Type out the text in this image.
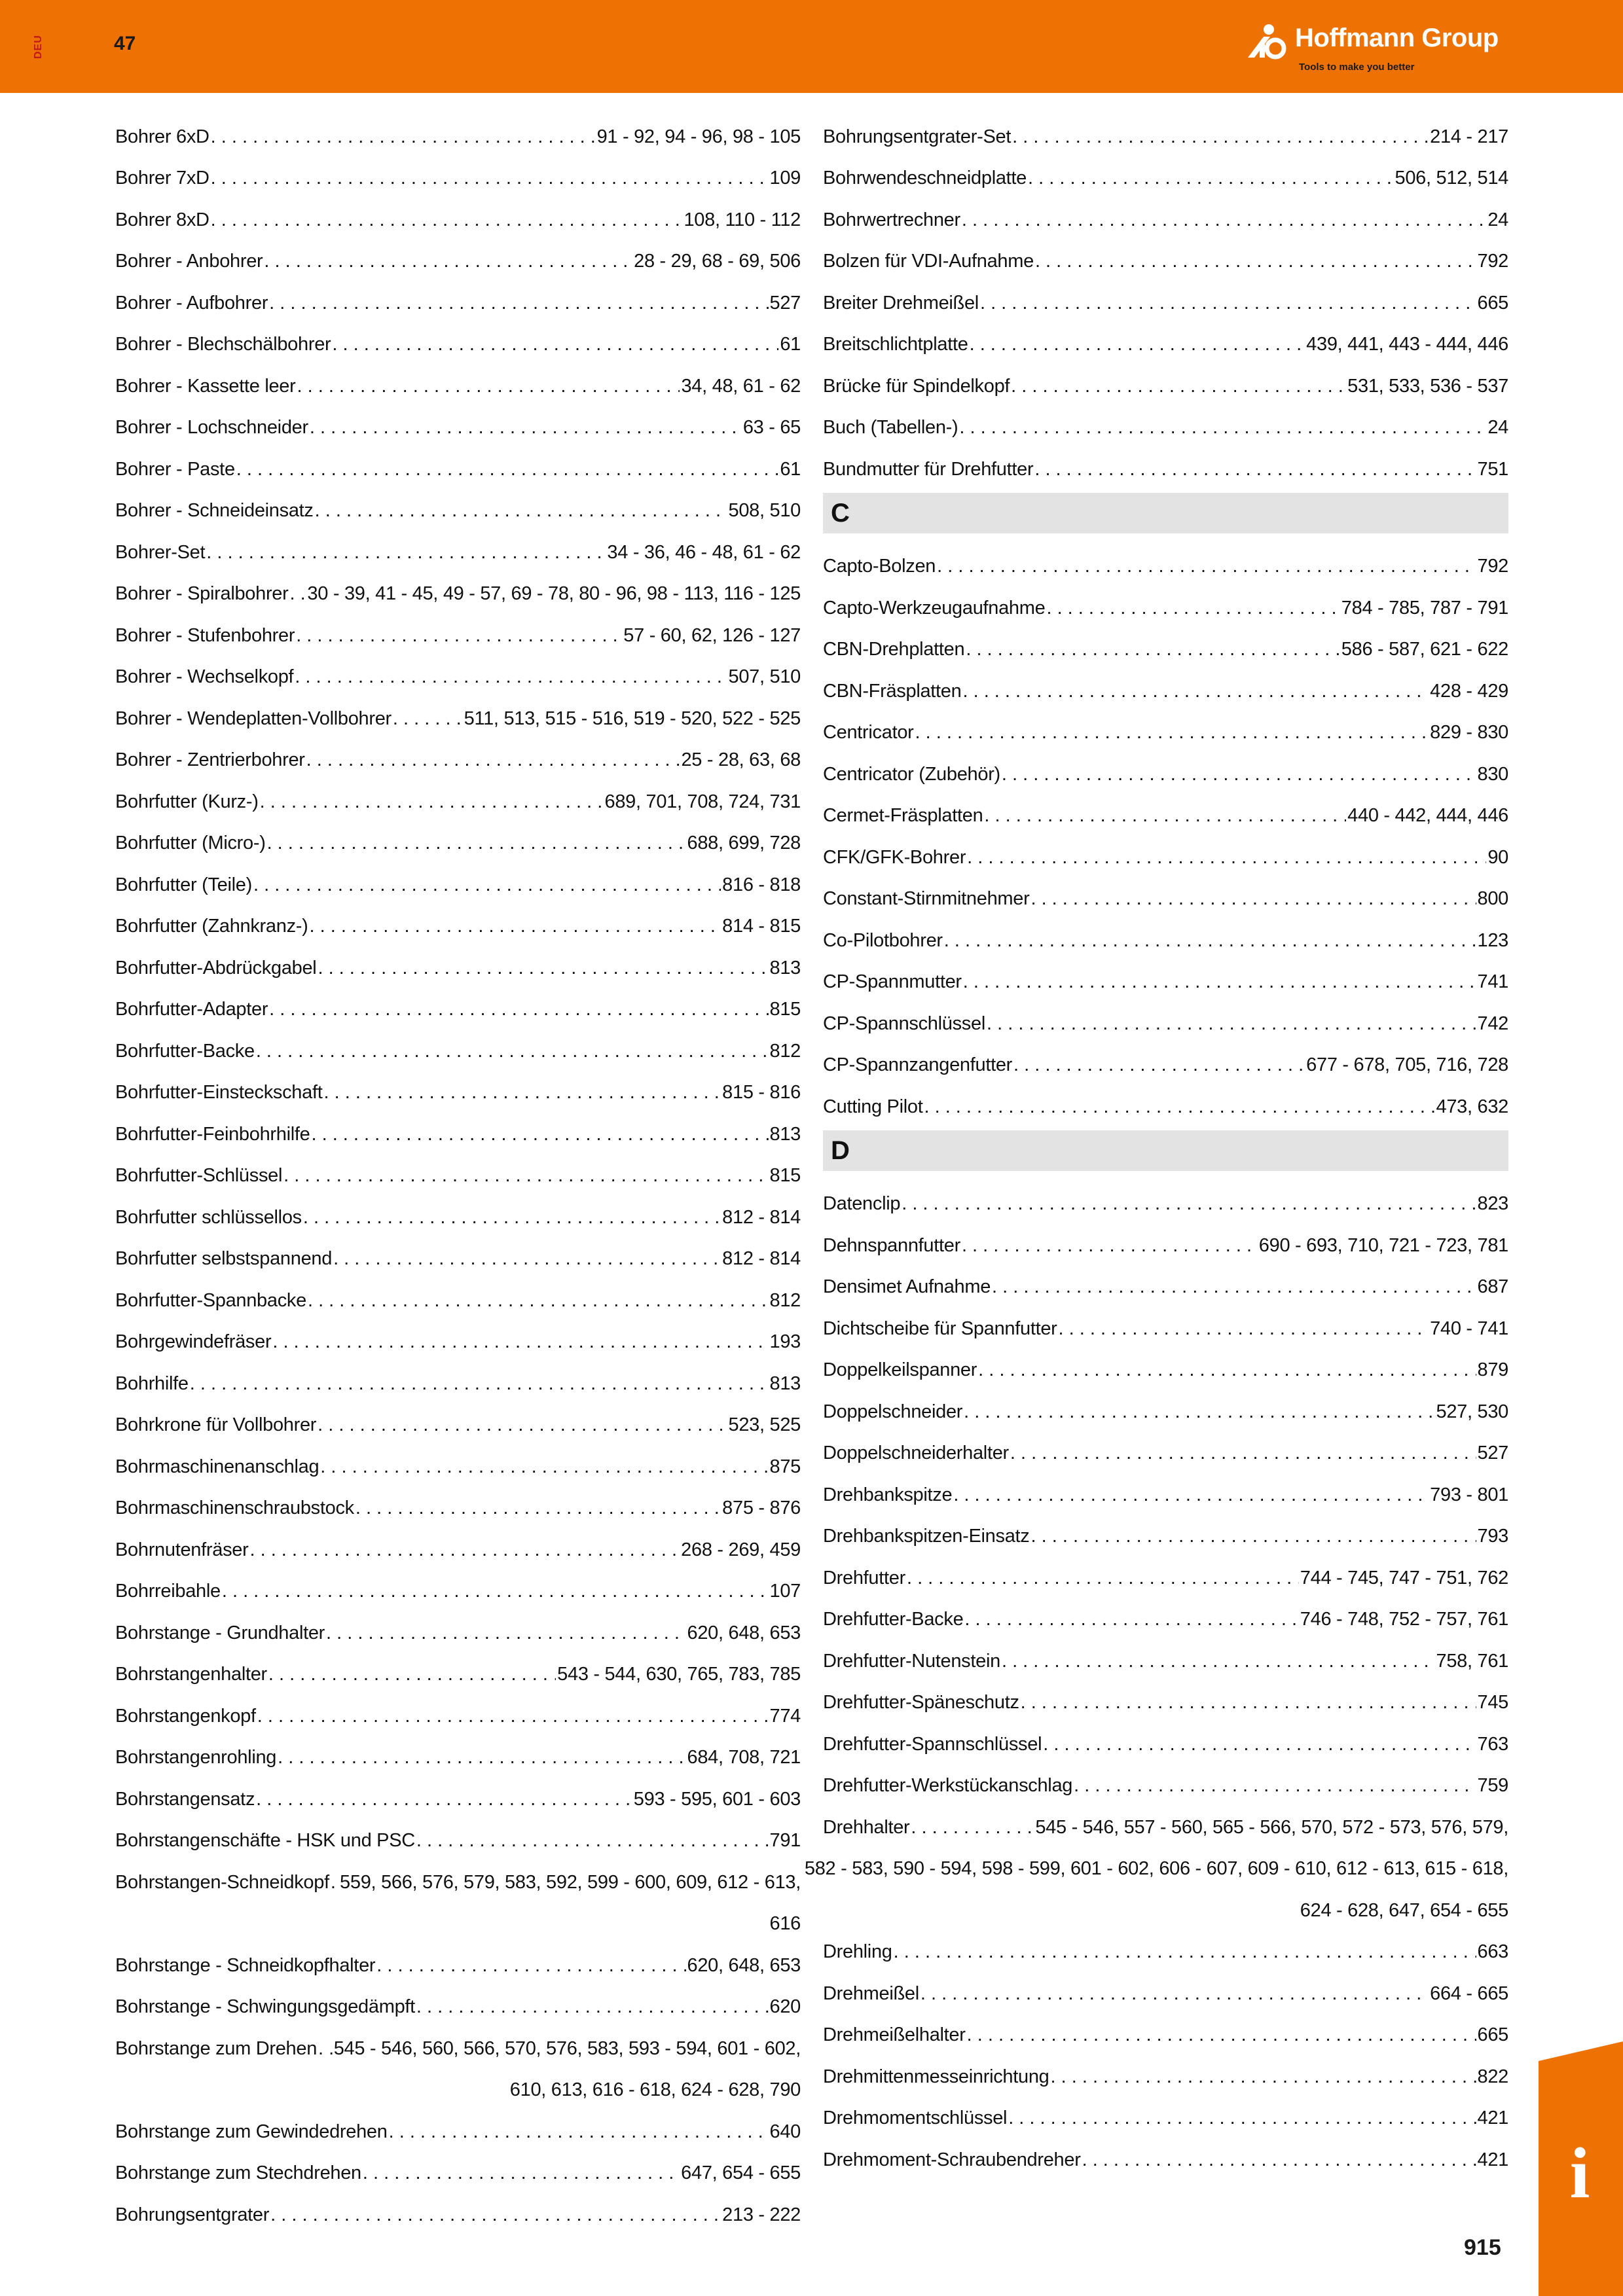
DEU	47	Hoffmann Group
Tools to make you better
Bohrer 6xD . . .	91 - 92, 94 - 96, 98 - 105
Bohrer 7xD . . .	109
Bohrer 8xD . . .	108, 110 - 112
Bohrer - Anbohrer . . .	28 - 29, 68 - 69, 506
Bohrer - Aufbohrer . . .	527
Bohrer - Blechschälbohrer . . .	61
Bohrer - Kassette leer . . .	34, 48, 61 - 62
Bohrer - Lochschneider . . .	63 - 65
Bohrer - Paste . . .	61
Bohrer - Schneideinsatz . . .	508, 510
Bohrer-Set . . .	34 - 36, 46 - 48, 61 - 62
Bohrer - Spiralbohrer . . . 30 - 39, 41 - 45, 49 - 57, 69 - 78, 80 - 96, 98 - 113, 116 - 125
Bohrer - Stufenbohrer . . .	57 - 60, 62, 126 - 127
Bohrer - Wechselkopf . . .	507, 510
Bohrer - Wendeplatten-Vollbohrer . . .	511, 513, 515 - 516, 519 - 520, 522 - 525
Bohrer - Zentrierbohrer . . .	25 - 28, 63, 68
Bohrfutter (Kurz-) . . .	689, 701, 708, 724, 731
Bohrfutter (Micro-) . . .	688, 699, 728
Bohrfutter (Teile) . . .	816 - 818
Bohrfutter (Zahnkranz-) . . .	814 - 815
Bohrfutter-Abdrückgabel . . .	813
Bohrfutter-Adapter . . .	815
Bohrfutter-Backe . . .	812
Bohrfutter-Einsteckschaft . . .	815 - 816
Bohrfutter-Feinbohrhilfe . . .	813
Bohrfutter-Schlüssel . . .	815
Bohrfutter schlüssellos . . .	812 - 814
Bohrfutter selbstspannend . . .	812 - 814
Bohrfutter-Spannbacke . . .	812
Bohrgewindefräser . . .	193
Bohrhilfe . . .	813
Bohrkrone für Vollbohrer . . .	523, 525
Bohrmaschinenanschlag . . .	875
Bohrmaschinenschraubstock . . .	875 - 876
Bohrnutenfräser . . .	268 - 269, 459
Bohrreibahle . . .	107
Bohrstange - Grundhalter . . .	620, 648, 653
Bohrstangenhalter . . .	543 - 544, 630, 765, 783, 785
Bohrstangenkopf . . .	774
Bohrstangenrohling . . .	684, 708, 721
Bohrstangensatz . . .	593 - 595, 601 - 603
Bohrstangenschäfte - HSK und PSC . . .	791
Bohrstangen-Schneidkopf . . . 559, 566, 576, 579, 583, 592, 599 - 600, 609, 612 - 613,
616
Bohrstange - Schneidkopfhalter . . .	620, 648, 653
Bohrstange - Schwingungsgedämpft . . .	620
Bohrstange zum Drehen . . . 545 - 546, 560, 566, 570, 576, 583, 593 - 594, 601 - 602,
610, 613, 616 - 618, 624 - 628, 790
Bohrstange zum Gewindedrehen . . .	640
Bohrstange zum Stechdrehen . . .	647, 654 - 655
Bohrungsentgrater . . .	213 - 222
Bohrungsentgrater-Set . . .	214 - 217
Bohrwendeschneidplatte . . .	506, 512, 514
Bohrwertrechner . . .	24
Bolzen für VDI-Aufnahme . . .	792
Breiter Drehmeißel . . .	665
Breitschlichtplatte . . .	439, 441, 443 - 444, 446
Brücke für Spindelkopf . . .	531, 533, 536 - 537
Buch (Tabellen-) . . .	24
Bundmutter für Drehfutter . . .	751
C
Capto-Bolzen . . .	792
Capto-Werkzeugaufnahme . . .	784 - 785, 787 - 791
CBN-Drehplatten . . .	586 - 587, 621 - 622
CBN-Fräsplatten . . .	428 - 429
Centricator . . .	829 - 830
Centricator (Zubehör) . . .	830
Cermet-Fräsplatten . . .	440 - 442, 444, 446
CFK/GFK-Bohrer . . .	90
Constant-Stirnmitnehmer . . .	800
Co-Pilotbohrer . . .	123
CP-Spannmutter . . .	741
CP-Spannschlüssel . . .	742
CP-Spannzangenfutter . . .	677 - 678, 705, 716, 728
Cutting Pilot . . .	473, 632
D
Datenclip . . .	823
Dehnspannfutter . . .	690 - 693, 710, 721 - 723, 781
Densimet Aufnahme . . .	687
Dichtscheibe für Spannfutter . . .	740 - 741
Doppelkeilspanner . . .	879
Doppelschneider . . .	527, 530
Doppelschneiderhalter . . .	527
Drehbankspitze . . .	793 - 801
Drehbankspitzen-Einsatz . . .	793
Drehfutter . . .	744 - 745, 747 - 751, 762
Drehfutter-Backe . . .	746 - 748, 752 - 757, 761
Drehfutter-Nutenstein . . .	758, 761
Drehfutter-Späneschutz . . .	745
Drehfutter-Spannschlüssel . . .	763
Drehfutter-Werkstückanschlag . . .	759
Drehhalter . . .	545 - 546, 557 - 560, 565 - 566, 570, 572 - 573, 576, 579,
582 - 583, 590 - 594, 598 - 599, 601 - 602, 606 - 607, 609 - 610, 612 - 613, 615 - 618,
624 - 628, 647, 654 - 655
Drehling . . .	663
Drehmeißel . . .	664 - 665
Drehmeißelhalter . . .	665
Drehmittenmesseinrichtung . . .	822
Drehmomentschlüssel . . .	421
Drehmoment-Schraubendreher . . .	421 i
915
